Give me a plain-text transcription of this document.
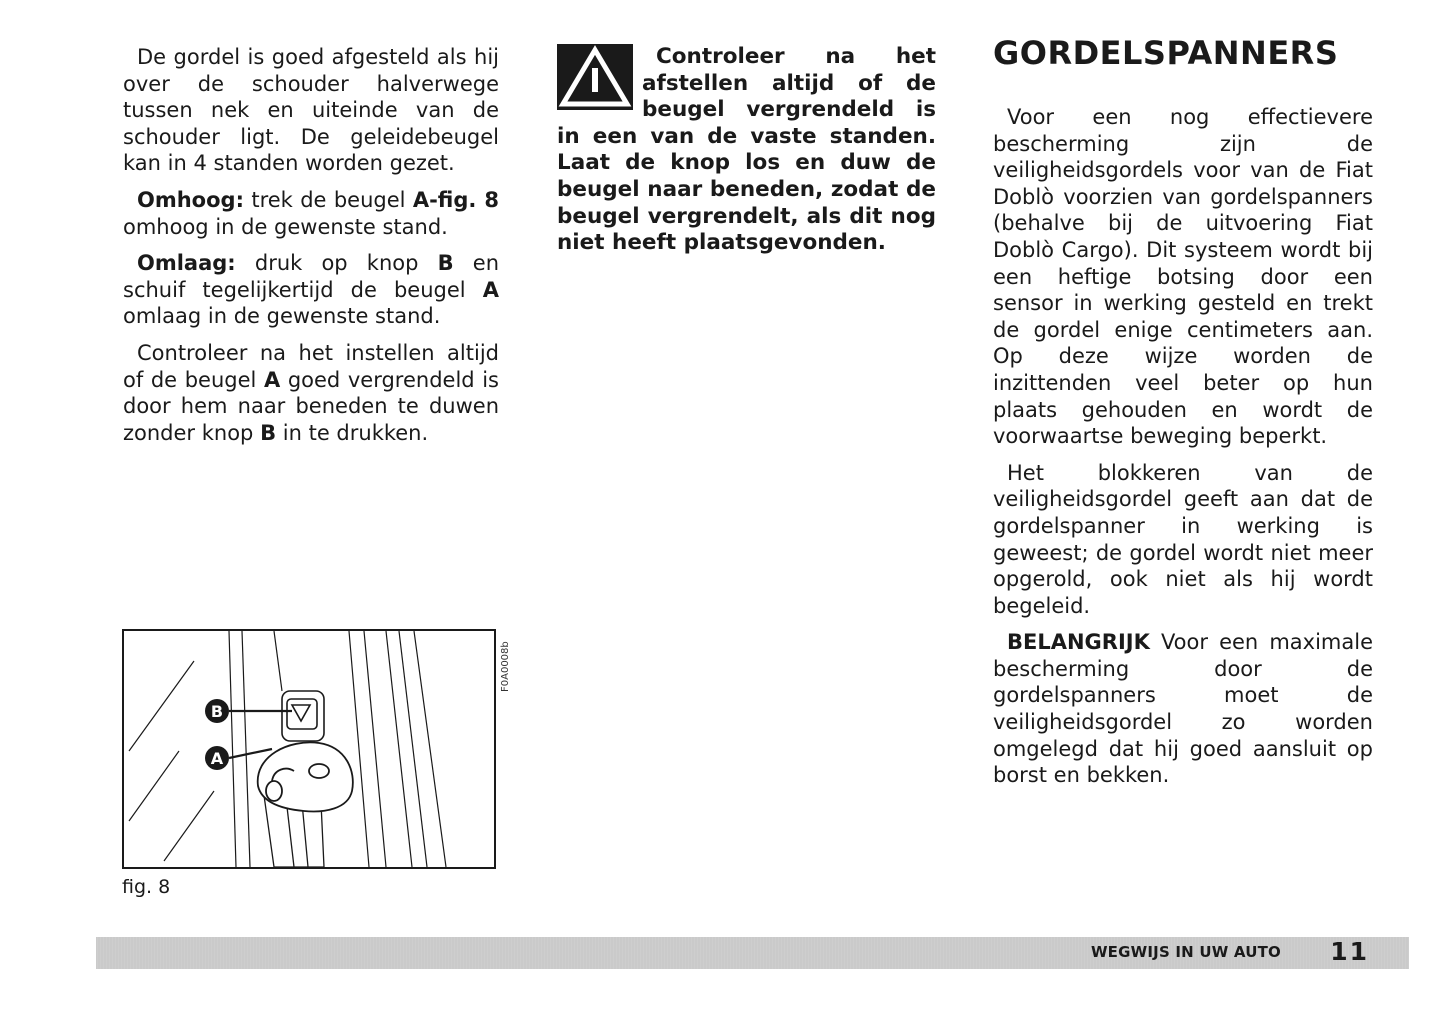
De gordel is goed afgesteld als hij over de schouder halverwege tussen nek en uiteinde van de schouder ligt. De geleidebeugel kan in 4 standen worden gezet.

Omhoog: trek de beugel A-fig. 8 omhoog in de gewenste stand.

Omlaag: druk op knop B en schuif tegelijkertijd de beugel A omlaag in de gewenste stand.

Controleer na het instellen altijd of de beugel A goed vergrendeld is door hem naar beneden te duwen zonder knop B in te drukken.

Controleer na het afstellen altijd of de beugel vergrendeld is in een van de vaste standen. Laat de knop los en duw de beugel naar beneden, zodat de beugel vergrendelt, als dit nog niet heeft plaatsgevonden.

GORDELSPANNERS

Voor een nog effectievere bescherming zijn de veiligheidsgordels voor van de Fiat Doblò voorzien van gordelspanners (behalve bij de uitvoering Fiat Doblò Cargo). Dit systeem wordt bij een heftige botsing door een sensor in werking gesteld en trekt de gordel enige centimeters aan. Op deze wijze worden de inzittenden veel beter op hun plaats gehouden en wordt de voorwaartse beweging beperkt.

Het blokkeren van de veiligheidsgordel geeft aan dat de gordelspanner in werking is geweest; de gordel wordt niet meer opgerold, ook niet als hij wordt begeleid.

BELANGRIJK Voor een maximale bescherming door de gordelspanners moet de veiligheidsgordel zo worden omgelegd dat hij goed aansluit op borst en bekken.

B
A
F0A0008b
fig. 8
WEGWIJS IN UW AUTO 11
